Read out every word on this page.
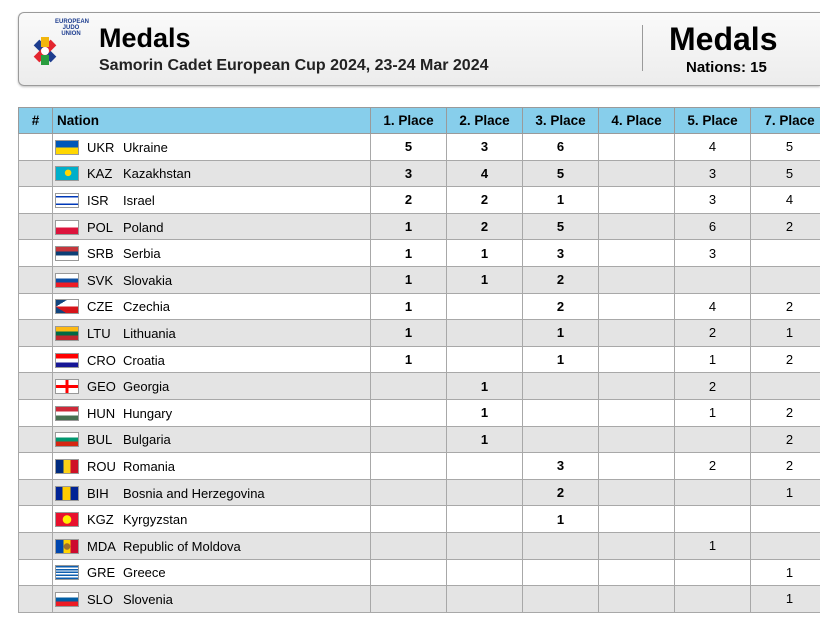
EUROPEAN
JUDO
UNION Medals
Samorin Cadet European Cup 2024, 23-24 Mar 2024
Medals
Nations: 15
#	Nation	1. Place	2. Place	3. Place	4. Place	5. Place	7. Place
	UKR Ukraine	5	3	6		4	5
	KAZ Kazakhstan	3	4	5		3	5
	ISR Israel	2	2	1		3	4
	POL Poland	1	2	5		6	2
	SRB Serbia	1	1	3		3	
	SVK Slovakia	1	1	2			
	CZE Czechia	1		2		4	2
	LTU Lithuania	1		1		2	1
	CRO Croatia	1		1		1	2
	GEO Georgia		1			2	
	HUN Hungary		1			1	2
	BUL Bulgaria		1				2
	ROU Romania			3		2	2
	BIH Bosnia and Herzegovina			2			1
	KGZ Kyrgyzstan			1			
	MDA Republic of Moldova					1	
	GRE Greece						1
	SLO Slovenia						1
